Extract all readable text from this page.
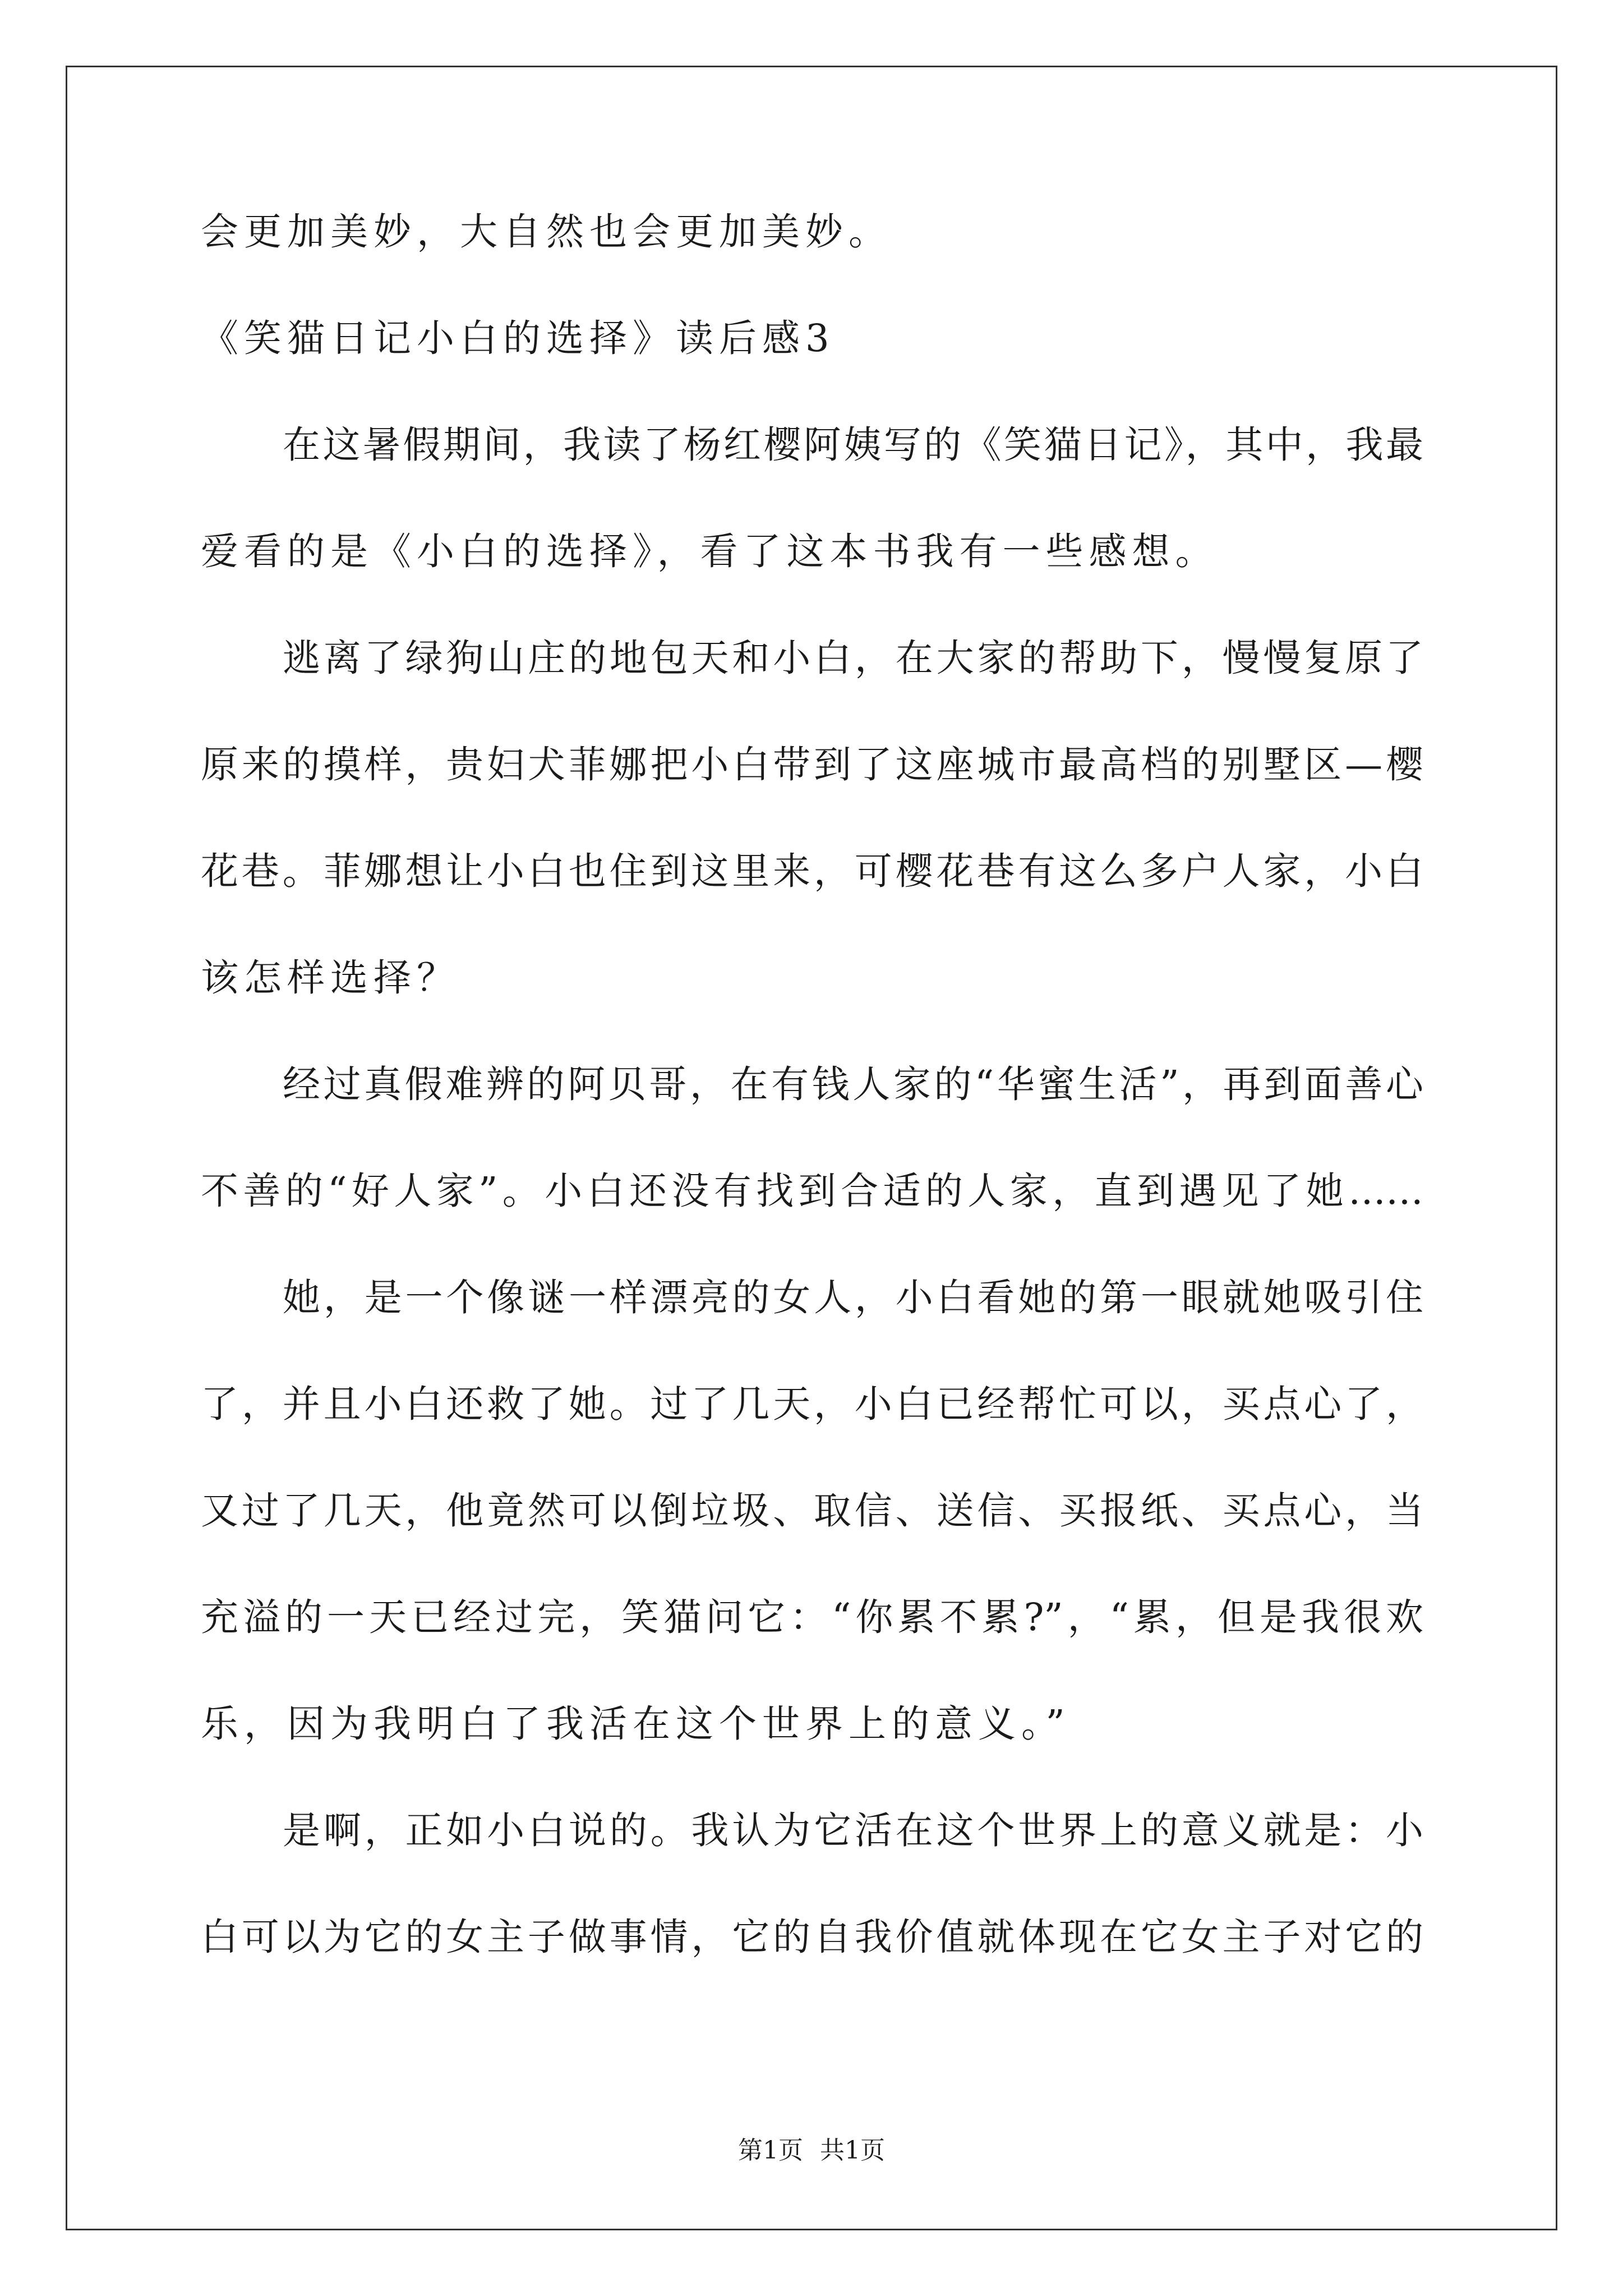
会更加美妙，大自然也会更加美妙。
《笑猫日记小白的选择》读后感3
在这暑假期间，我读了杨红樱阿姨写的《笑猫日记》，其中，我最
爱看的是《小白的选择》，看了这本书我有一些感想。
逃离了绿狗山庄的地包天和小白，在大家的帮助下，慢慢复原了
原来的摸样，贵妇犬菲娜把小白带到了这座城市最高档的别墅区—樱
花巷。菲娜想让小白也住到这里来，可樱花巷有这么多户人家，小白
该怎样选择？
经过真假难辨的阿贝哥，在有钱人家的“华蜜生活”，再到面善心
不善的“好人家”。小白还没有找到合适的人家，直到遇见了她……
她，是一个像谜一样漂亮的女人，小白看她的第一眼就她吸引住
了，并且小白还救了她。过了几天，小白已经帮忙可以，买点心了，
又过了几天，他竟然可以倒垃圾、取信、送信、买报纸、买点心，当
充溢的一天已经过完，笑猫问它：“你累不累?”，“累，但是我很欢
乐，因为我明白了我活在这个世界上的意义。”
是啊，正如小白说的。我认为它活在这个世界上的意义就是：小
白可以为它的女主子做事情，它的自我价值就体现在它女主子对它的
第1页 共1页
